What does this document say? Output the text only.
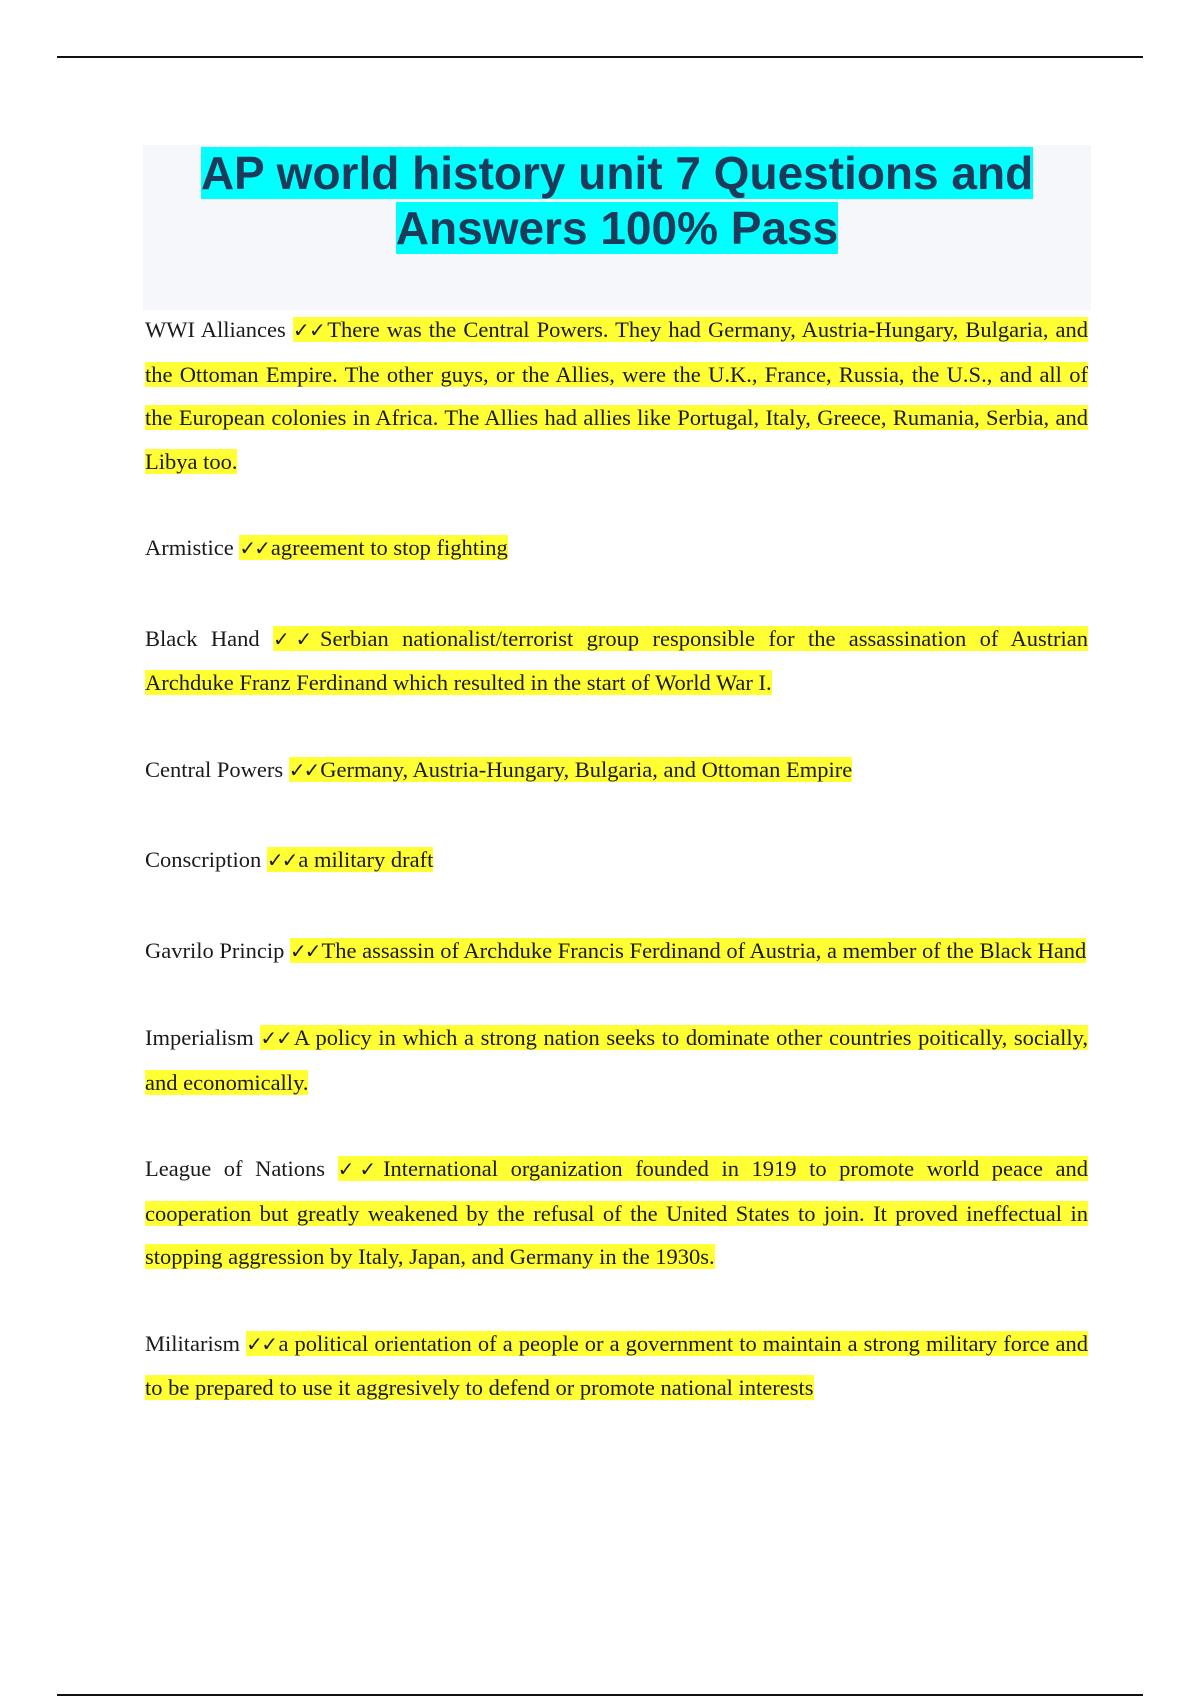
AP world history unit 7 Questions and
Answers 100% Pass

WWI Alliances ✓✓There was the Central Powers. They had Germany, Austria-Hungary, Bulgaria, and the Ottoman Empire. The other guys, or the Allies, were the U.K., France, Russia, the U.S., and all of the European colonies in Africa. The Allies had allies like Portugal, Italy, Greece, Rumania, Serbia, and Libya too.

Armistice ✓✓agreement to stop fighting

Black Hand ✓✓Serbian nationalist/terrorist group responsible for the assassination of Austrian Archduke Franz Ferdinand which resulted in the start of World War I.

Central Powers ✓✓Germany, Austria-Hungary, Bulgaria, and Ottoman Empire

Conscription ✓✓a military draft

Gavrilo Princip ✓✓The assassin of Archduke Francis Ferdinand of Austria, a member of the Black Hand

Imperialism ✓✓A policy in which a strong nation seeks to dominate other countries poitically, socially, and economically.

League of Nations ✓✓International organization founded in 1919 to promote world peace and cooperation but greatly weakened by the refusal of the United States to join. It proved ineffectual in stopping aggression by Italy, Japan, and Germany in the 1930s.

Militarism ✓✓a political orientation of a people or a government to maintain a strong military force and to be prepared to use it aggresively to defend or promote national interests
